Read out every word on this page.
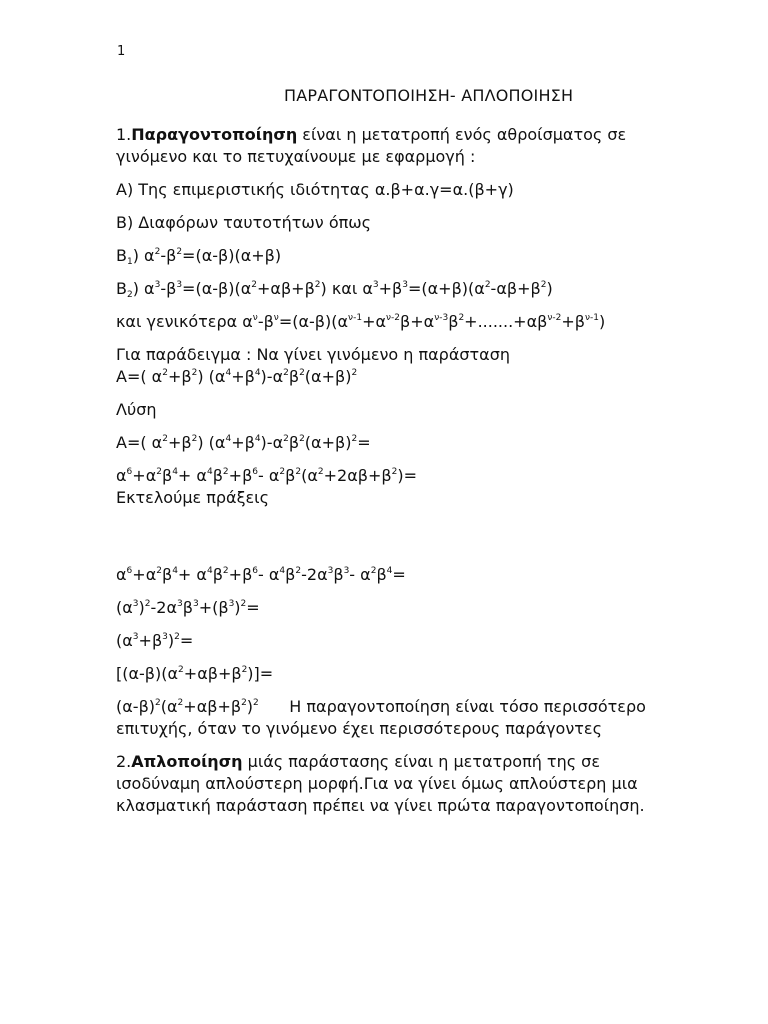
1
ΠΑΡΑΓΟΝΤΟΠΟΙΗΣΗ- ΑΠΛΟΠΟΙΗΣΗ

1.Παραγοντοποίηση είναι η μετατροπή ενός αθροίσματος σε γινόμενο και το πετυχαίνουμε με εφαρμογή :

Α) Της επιμεριστικής ιδιότητας α.β+α.γ=α.(β+γ)

Β) Διαφόρων ταυτοτήτων όπως

$B_1$) $\alpha^2-\beta^2=(\alpha-\beta)(\alpha+\beta)$

$B_2$) $\alpha^3-\beta^3=(\alpha-\beta)(\alpha^2+\alpha\beta+\beta^2)$ και $\alpha^3+\beta^3=(\alpha+\beta)(\alpha^2-\alpha\beta+\beta^2)$

και γενικότερα $\alpha^\nu-\beta^\nu=(\alpha-\beta)(\alpha^{\nu-1}+\alpha^{\nu-2}\beta+\alpha^{\nu-3}\beta^2+.......+\alpha\beta^{\nu-2}+\beta^{\nu-1})$

Για παράδειγμα : Να γίνει γινόμενο η παράσταση
Α=( $\alpha^2+\beta^2$) $(\alpha^4+\beta^4)-\alpha^2\beta^2(\alpha+\beta)^2$

Λύση

Α=( $\alpha^2+\beta^2$) $(\alpha^4+\beta^4)-\alpha^2\beta^2(\alpha+\beta)^2=$

$\alpha^6+\alpha^2\beta^4+ \alpha^4\beta^2+\beta^6-$ $\alpha^2\beta^2(\alpha^2+2\alpha\beta+\beta^2)=$

Εκτελούμε πράξεις

$\alpha^6+\alpha^2\beta^4+ \alpha^4\beta^2+\beta^6-$ $\alpha^4\beta^2-2\alpha^3\beta^3-$ $\alpha^2\beta^4=$

$(\alpha^3)^2-2\alpha^3\beta^3+(\beta^3)^2=$

$(\alpha^3+\beta^3)^2=$

$[(\alpha-\beta)(\alpha^2+\alpha\beta+\beta^2)]=$

$(\alpha-\beta)^2(\alpha^2+\alpha\beta+\beta^2)^2$ Η παραγοντοποίηση είναι τόσο περισσότερο επιτυχής, όταν το γινόμενο έχει περισσότερους παράγοντες

2.Απλοποίηση μιάς παράστασης είναι η μετατροπή της σε ισοδύναμη απλούστερη μορφή.Για να γίνει όμως απλούστερη μια κλασματική παράσταση πρέπει να γίνει πρώτα παραγοντοποίηση.
